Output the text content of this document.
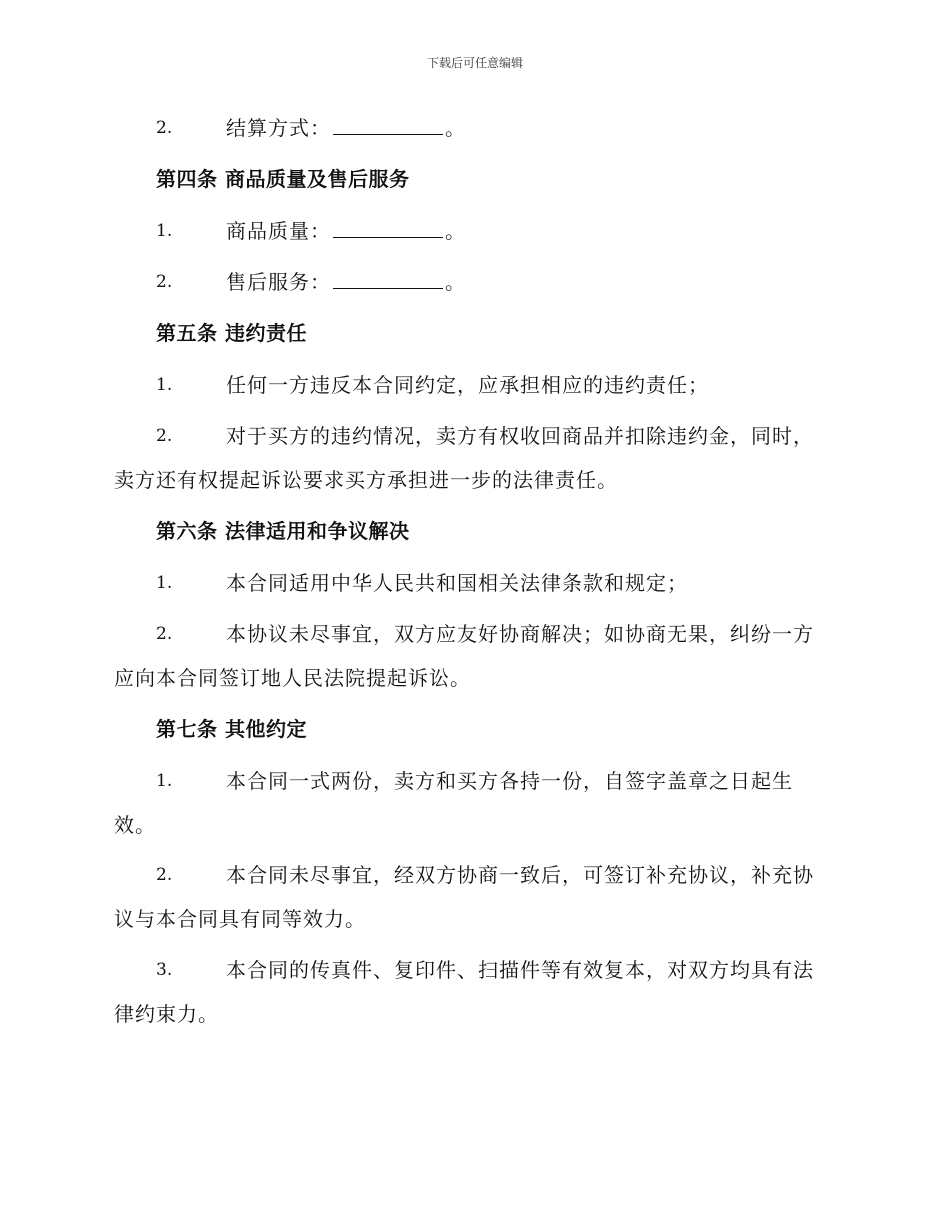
下载后可任意编辑
2.	结算方式：	。
第四条 商品质量及售后服务
1.	商品质量：	。
2.	售后服务：	。
第五条 违约责任
1.	任何一方违反本合同约定，应承担相应的违约责任；
2.	对于买方的违约情况，卖方有权收回商品并扣除违约金，同时，
卖方还有权提起诉讼要求买方承担进一步的法律责任。
第六条 法律适用和争议解决
1.	本合同适用中华人民共和国相关法律条款和规定；
2.	本协议未尽事宜，双方应友好协商解决；如协商无果，纠纷一方
应向本合同签订地人民法院提起诉讼。
第七条 其他约定
1.	本合同一式两份，卖方和买方各持一份，自签字盖章之日起生
效。
2.	本合同未尽事宜，经双方协商一致后，可签订补充协议，补充协
议与本合同具有同等效力。
3.	本合同的传真件、复印件、扫描件等有效复本，对双方均具有法
律约束力。
